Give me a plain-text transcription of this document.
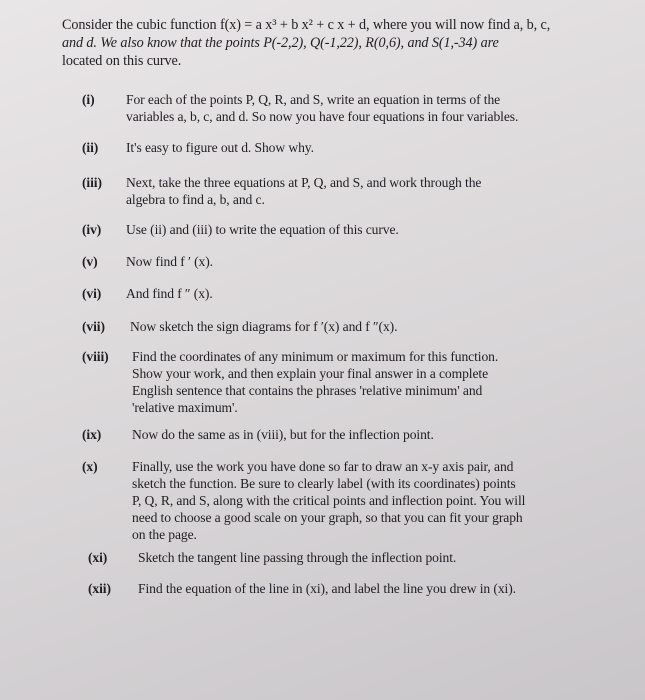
Consider the cubic function f(x) = a x³ + b x² + c x + d, where you will now find a, b, c,
and d. We also know that the points P(-2,2), Q(-1,22), R(0,6), and S(1,-34) are
located on this curve.
(i)	For each of the points P, Q, R, and S, write an equation in terms of the
variables a, b, c, and d. So now you have four equations in four variables.
(ii)	It's easy to figure out d. Show why.
(iii)	Next, take the three equations at P, Q, and S, and work through the
algebra to find a, b, and c.
(iv)	Use (ii) and (iii) to write the equation of this curve.
(v)	Now find f ′ (x).
(vi)	And find f ″ (x).
(vii)	Now sketch the sign diagrams for f ′(x) and f ″(x).
(viii)	Find the coordinates of any minimum or maximum for this function.
Show your work, and then explain your final answer in a complete
English sentence that contains the phrases 'relative minimum' and
'relative maximum'.
(ix)	Now do the same as in (viii), but for the inflection point.
(x)	Finally, use the work you have done so far to draw an x-y axis pair, and
sketch the function. Be sure to clearly label (with its coordinates) points
P, Q, R, and S, along with the critical points and inflection point. You will
need to choose a good scale on your graph, so that you can fit your graph
on the page.
(xi)	Sketch the tangent line passing through the inflection point.
(xii)	Find the equation of the line in (xi), and label the line you drew in (xi).
